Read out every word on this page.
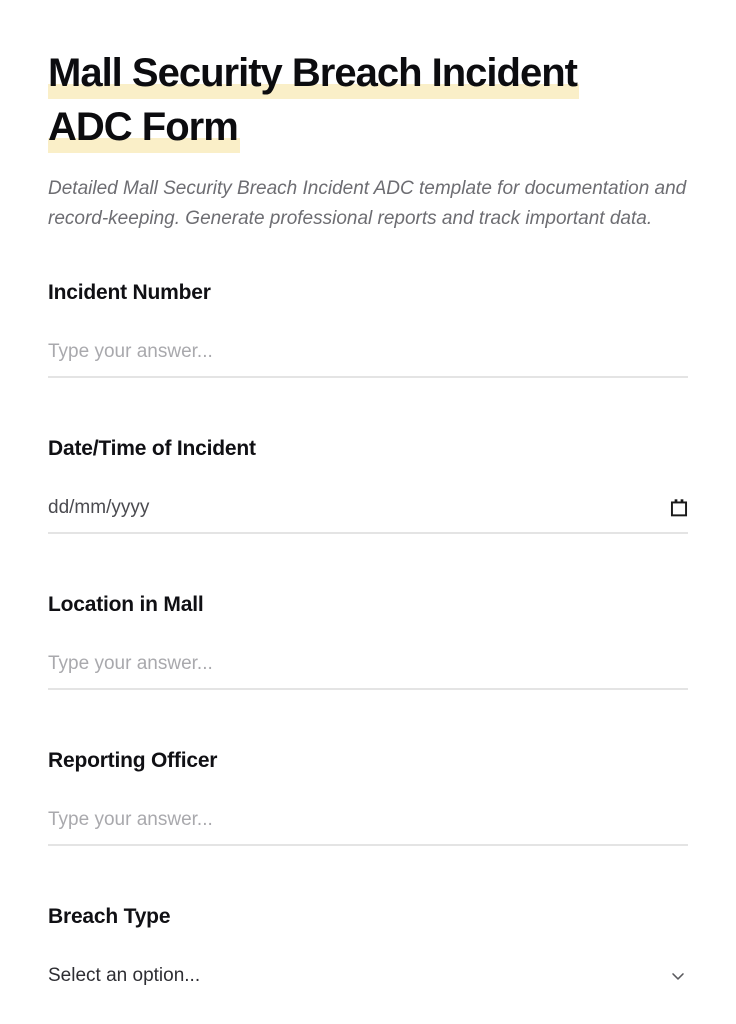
Mall Security Breach Incident
ADC Form

Detailed Mall Security Breach Incident ADC template for documentation and record-keeping. Generate professional reports and track important data.

Incident Number
Type your answer...
Date/Time of Incident
dd/mm/yyyy
Location in Mall
Type your answer...
Reporting Officer
Type your answer...
Breach Type
Select an option...
